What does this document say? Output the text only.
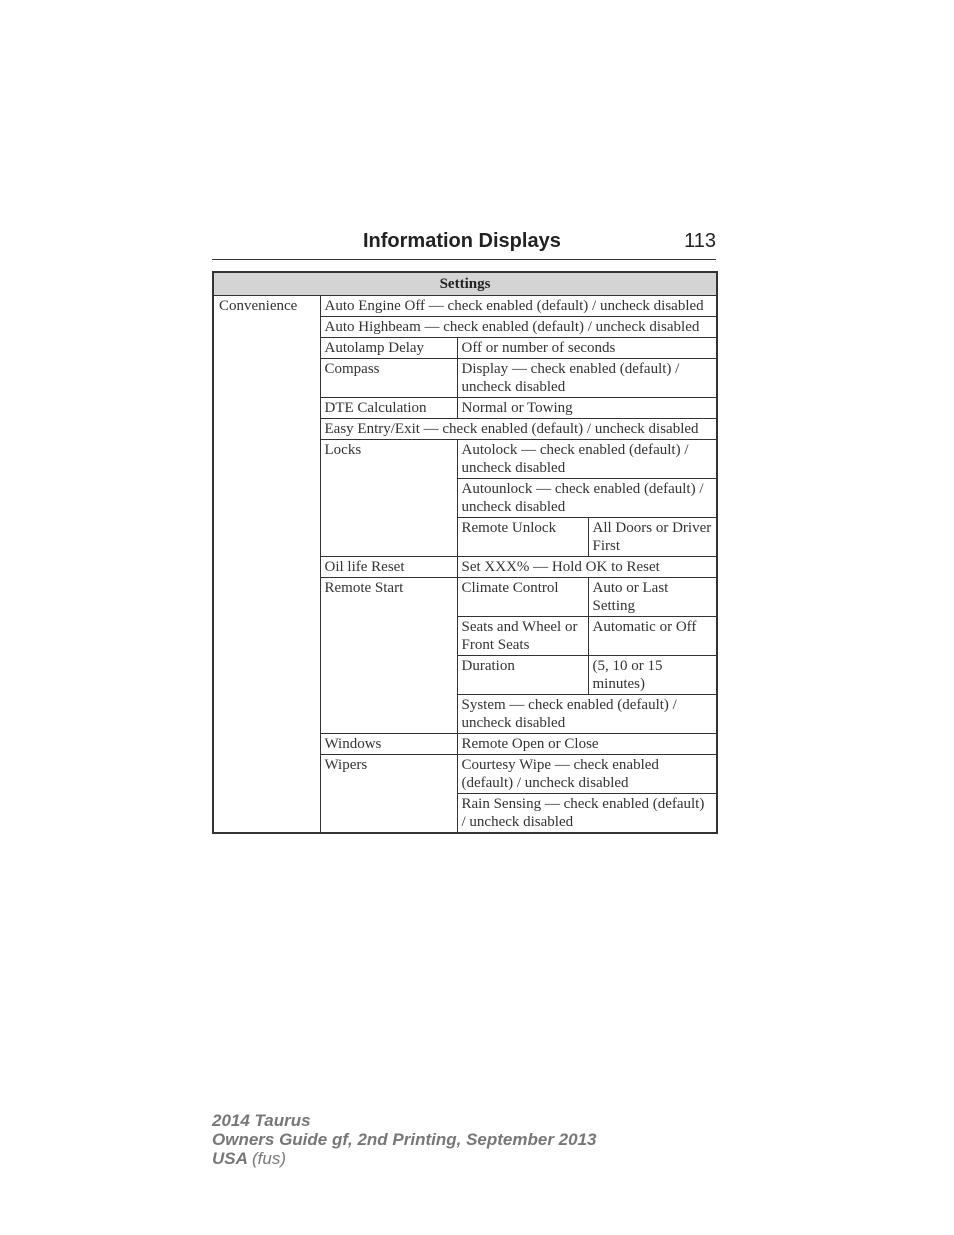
Information Displays	113
Settings			
Convenience	Auto Engine Off — check enabled (default) / uncheck disabled		
	Auto Highbeam — check enabled (default) / uncheck disabled		
	Autolamp Delay	Off or number of seconds	
	Compass	Display — check enabled (default) / uncheck disabled	
	DTE Calculation	Normal or Towing	
	Easy Entry/Exit — check enabled (default) / uncheck disabled		
	Locks	Autolock — check enabled (default) / uncheck disabled	
		Autounlock — check enabled (default) / uncheck disabled	
		Remote Unlock	All Doors or Driver First
	Oil life Reset	Set XXX% — Hold OK to Reset	
	Remote Start	Climate Control	Auto or Last Setting
		Seats and Wheel or Front Seats	Automatic or Off
		Duration	(5, 10 or 15 minutes)
		System — check enabled (default) / uncheck disabled	
	Windows	Remote Open or Close	
	Wipers	Courtesy Wipe — check enabled (default) / uncheck disabled	
		Rain Sensing — check enabled (default) / uncheck disabled	
2014 Taurus
Owners Guide gf, 2nd Printing, September 2013
USA (fus)
